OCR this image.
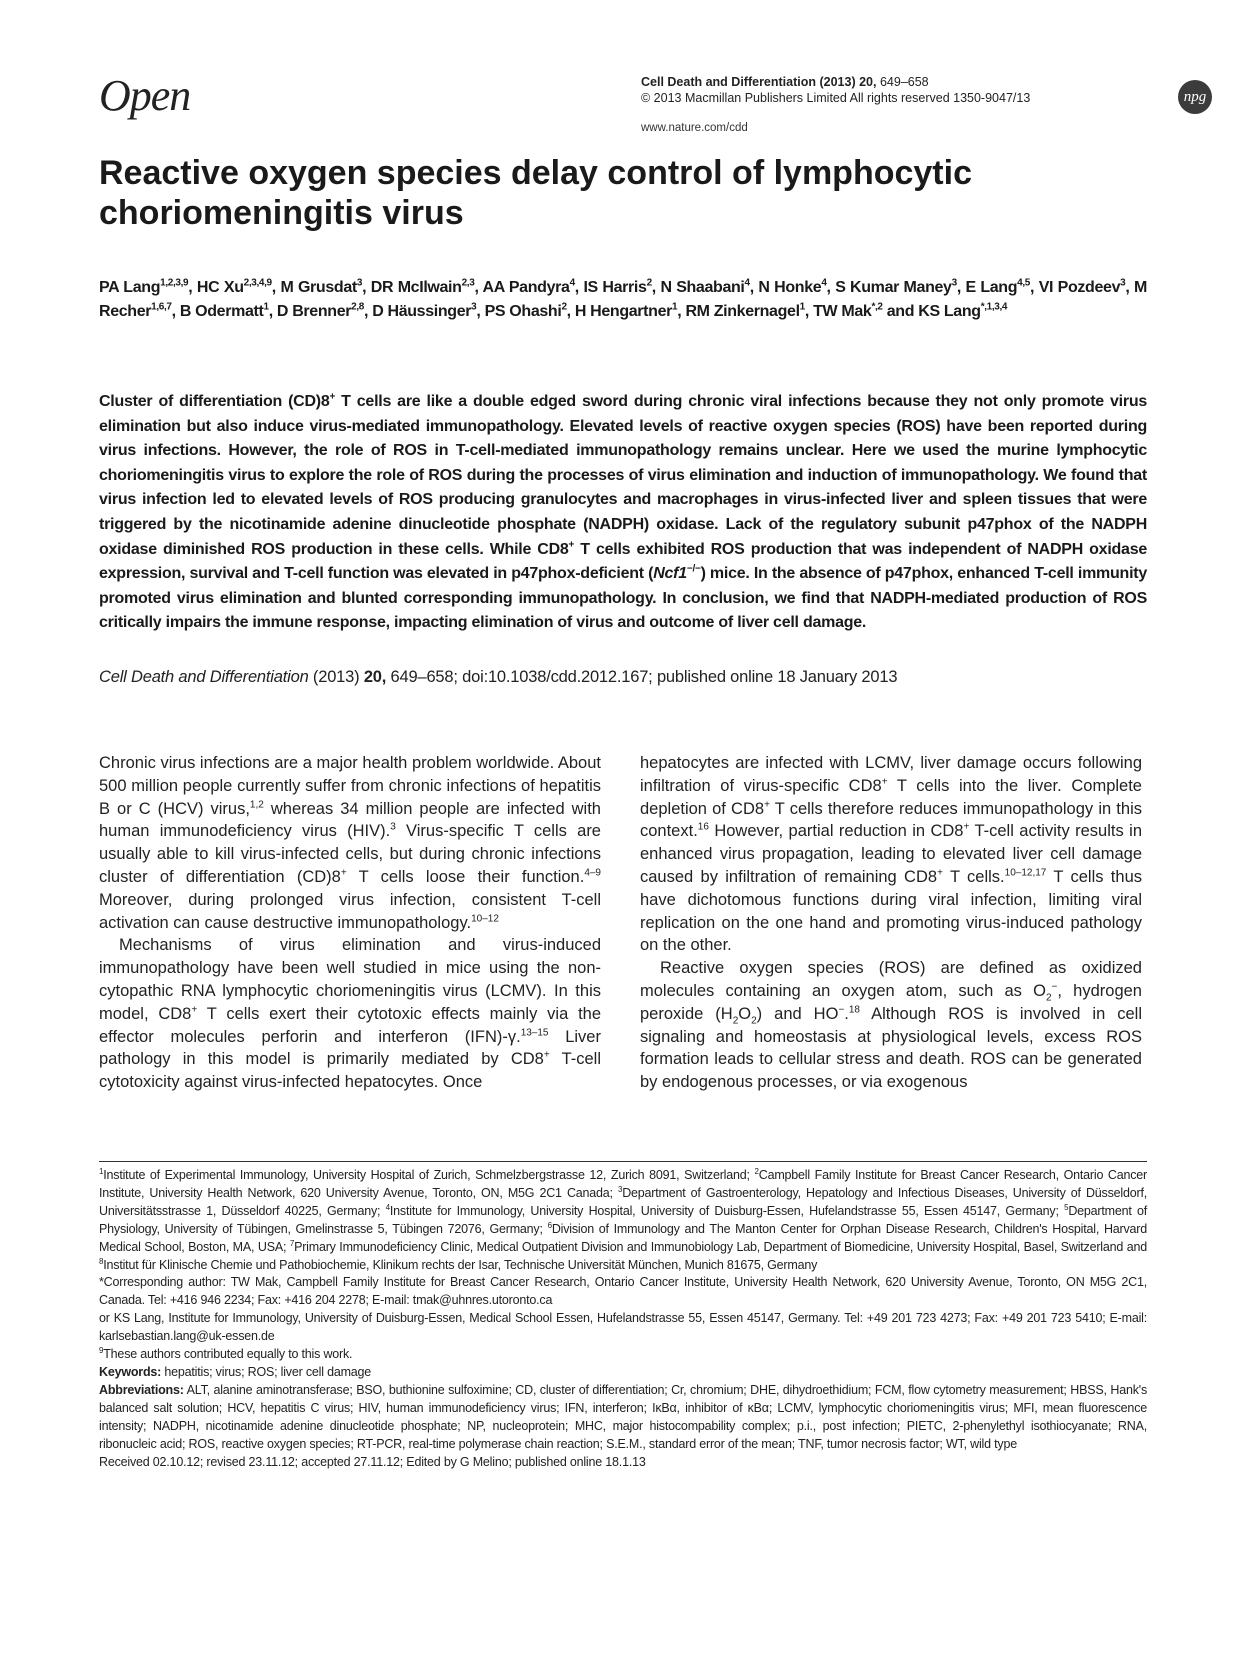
Open	Cell Death and Differentiation (2013) 20, 649–658
© 2013 Macmillan Publishers Limited All rights reserved 1350-9047/13	npg
www.nature.com/cdd
Reactive oxygen species delay control of lymphocytic choriomeningitis virus
PA Lang$^{1,2,3,9}$, HC Xu$^{2,3,4,9}$, M Grusdat$^3$, DR McIlwain$^{2,3}$, AA Pandyra$^4$, IS Harris$^2$, N Shaabani$^4$, N Honke$^4$, S Kumar Maney$^3$, E Lang$^{4,5}$, VI Pozdeev$^3$, M Recher$^{1,6,7}$, B Odermatt$^1$, D Brenner$^{2,8}$, D Häussinger$^3$, PS Ohashi$^2$, H Hengartner$^1$, RM Zinkernagel$^1$, TW Mak$^{*,2}$ and KS Lang$^{*,1,3,4}$
Cluster of differentiation (CD)8+ T cells are like a double edged sword during chronic viral infections because they not only promote virus elimination but also induce virus-mediated immunopathology. Elevated levels of reactive oxygen species (ROS) have been reported during virus infections. However, the role of ROS in T-cell-mediated immunopathology remains unclear. Here we used the murine lymphocytic choriomeningitis virus to explore the role of ROS during the processes of virus elimination and induction of immunopathology. We found that virus infection led to elevated levels of ROS producing granulocytes and macrophages in virus-infected liver and spleen tissues that were triggered by the nicotinamide adenine dinucleotide phosphate (NADPH) oxidase. Lack of the regulatory subunit p47phox of the NADPH oxidase diminished ROS production in these cells. While CD8+ T cells exhibited ROS production that was independent of NADPH oxidase expression, survival and T-cell function was elevated in p47phox-deficient (Ncf1−/−) mice. In the absence of p47phox, enhanced T-cell immunity promoted virus elimination and blunted corresponding immunopathology. In conclusion, we find that NADPH-mediated production of ROS critically impairs the immune response, impacting elimination of virus and outcome of liver cell damage.
Cell Death and Differentiation (2013) 20, 649–658; doi:10.1038/cdd.2012.167; published online 18 January 2013

Chronic virus infections are a major health problem worldwide. About 500 million people currently suffer from chronic infections of hepatitis B or C (HCV) virus,$^{1,2}$ whereas 34 million people are infected with human immunodeficiency virus (HIV).$^3$ Virus-specific T cells are usually able to kill virus-infected cells, but during chronic infections cluster of differentiation (CD)8+ T cells loose their function.$^{4-9}$ Moreover, during prolonged virus infection, consistent T-cell activation can cause destructive immunopathology.$^{10-12}$

Mechanisms of virus elimination and virus-induced immunopathology have been well studied in mice using the non-cytopathic RNA lymphocytic choriomeningitis virus (LCMV). In this model, CD8+ T cells exert their cytotoxic effects mainly via the effector molecules perforin and interferon (IFN)-γ.$^{13-15}$ Liver pathology in this model is primarily mediated by CD8+ T-cell cytotoxicity against virus-infected hepatocytes. Once

hepatocytes are infected with LCMV, liver damage occurs following infiltration of virus-specific CD8+ T cells into the liver. Complete depletion of CD8+ T cells therefore reduces immunopathology in this context.$^{16}$ However, partial reduction in CD8+ T-cell activity results in enhanced virus propagation, leading to elevated liver cell damage caused by infiltration of remaining CD8+ T cells.$^{10-12,17}$ T cells thus have dichotomous functions during viral infection, limiting viral replication on the one hand and promoting virus-induced pathology on the other.

Reactive oxygen species (ROS) are defined as oxidized molecules containing an oxygen atom, such as $O_2^-$, hydrogen peroxide $(H_2O_2)$ and HO−.$^{18}$ Although ROS is involved in cell signaling and homeostasis at physiological levels, excess ROS formation leads to cellular stress and death. ROS can be generated by endogenous processes, or via exogenous

$^1$Institute of Experimental Immunology, University Hospital of Zurich, Schmelzbergstrasse 12, Zurich 8091, Switzerland; $^2$Campbell Family Institute for Breast Cancer Research, Ontario Cancer Institute, University Health Network, 620 University Avenue, Toronto, ON, M5G 2C1 Canada; $^3$Department of Gastroenterology, Hepatology and Infectious Diseases, University of Düsseldorf, Universitätsstrasse 1, Düsseldorf 40225, Germany; $^4$Institute for Immunology, University Hospital, University of Duisburg-Essen, Hufelandstrasse 55, Essen 45147, Germany; $^5$Department of Physiology, University of Tübingen, Gmelinstrasse 5, Tübingen 72076, Germany; $^6$Division of Immunology and The Manton Center for Orphan Disease Research, Children's Hospital, Harvard Medical School, Boston, MA, USA; $^7$Primary Immunodeficiency Clinic, Medical Outpatient Division and Immunobiology Lab, Department of Biomedicine, University Hospital, Basel, Switzerland and $^8$Institut für Klinische Chemie und Pathobiochemie, Klinikum rechts der Isar, Technische Universität München, Munich 81675, Germany

*Corresponding author: TW Mak, Campbell Family Institute for Breast Cancer Research, Ontario Cancer Institute, University Health Network, 620 University Avenue, Toronto, ON M5G 2C1, Canada. Tel: +416 946 2234; Fax: +416 204 2278; E-mail: tmak@uhnres.utoronto.ca

or KS Lang, Institute for Immunology, University of Duisburg-Essen, Medical School Essen, Hufelandstrasse 55, Essen 45147, Germany. Tel: +49 201 723 4273; Fax: +49 201 723 5410; E-mail: karlsebastian.lang@uk-essen.de

$^9$These authors contributed equally to this work.

Keywords: hepatitis; virus; ROS; liver cell damage

Abbreviations: ALT, alanine aminotransferase; BSO, buthionine sulfoximine; CD, cluster of differentiation; Cr, chromium; DHE, dihydroethidium; FCM, flow cytometry measurement; HBSS, Hank's balanced salt solution; HCV, hepatitis C virus; HIV, human immunodeficiency virus; IFN, interferon; IκBα, inhibitor of κBα; LCMV, lymphocytic choriomeningitis virus; MFI, mean fluorescence intensity; NADPH, nicotinamide adenine dinucleotide phosphate; NP, nucleoprotein; MHC, major histocompability complex; p.i., post infection; PIETC, 2-phenylethyl isothiocyanate; RNA, ribonucleic acid; ROS, reactive oxygen species; RT-PCR, real-time polymerase chain reaction; S.E.M., standard error of the mean; TNF, tumor necrosis factor; WT, wild type

Received 02.10.12; revised 23.11.12; accepted 27.11.12; Edited by G Melino; published online 18.1.13
